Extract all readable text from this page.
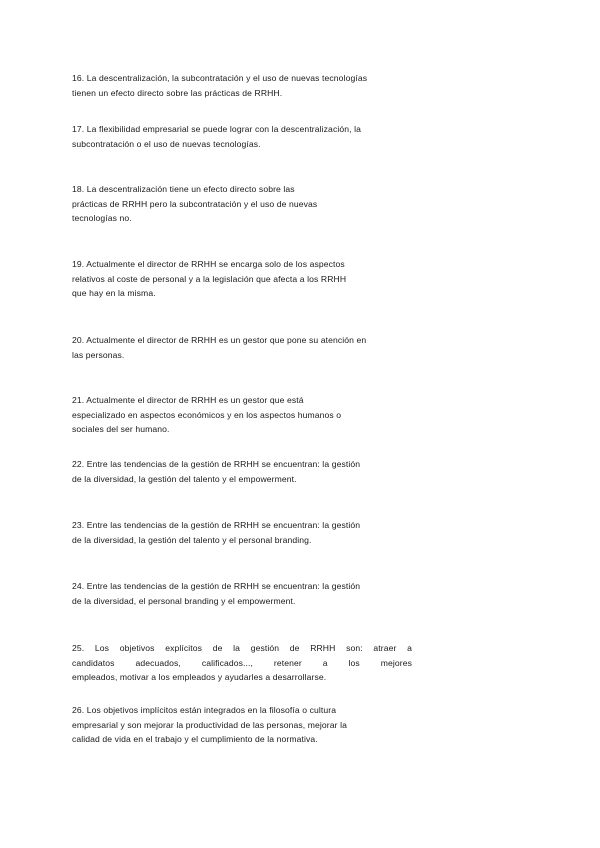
16. La descentralización, la subcontratación y el uso de nuevas tecnologías
tienen un efecto directo sobre las prácticas de RRHH.
17. La flexibilidad empresarial se puede lograr con la descentralización, la
subcontratación o el uso de nuevas tecnologías.
18. La descentralización tiene un efecto directo sobre las
prácticas de RRHH pero la subcontratación y el uso de nuevas
tecnologías no.
19. Actualmente el director de RRHH se encarga solo de los aspectos
relativos al coste de personal y a la legislación que afecta a los RRHH
que hay en la misma.
20. Actualmente el director de RRHH es un gestor que pone su atención en
las personas.
21. Actualmente el director de RRHH es un gestor que está
especializado en aspectos económicos y en los aspectos humanos o
sociales del ser humano.
22. Entre las tendencias de la gestión de RRHH se encuentran: la gestión
de la diversidad, la gestión del talento y el empowerment.
23. Entre las tendencias de la gestión de RRHH se encuentran: la gestión
de la diversidad, la gestión del talento y el personal branding.
24. Entre las tendencias de la gestión de RRHH se encuentran: la gestión
de la diversidad, el personal branding y el empowerment.
25. Los objetivos explícitos de la gestión de RRHH son: atraer a
candidatos adecuados, calificados..., retener a los mejores
empleados, motivar a los empleados y ayudarles a desarrollarse.
26. Los objetivos implícitos están integrados en la filosofía o cultura
empresarial y son mejorar la productividad de las personas, mejorar la
calidad de vida en el trabajo y el cumplimiento de la normativa.
